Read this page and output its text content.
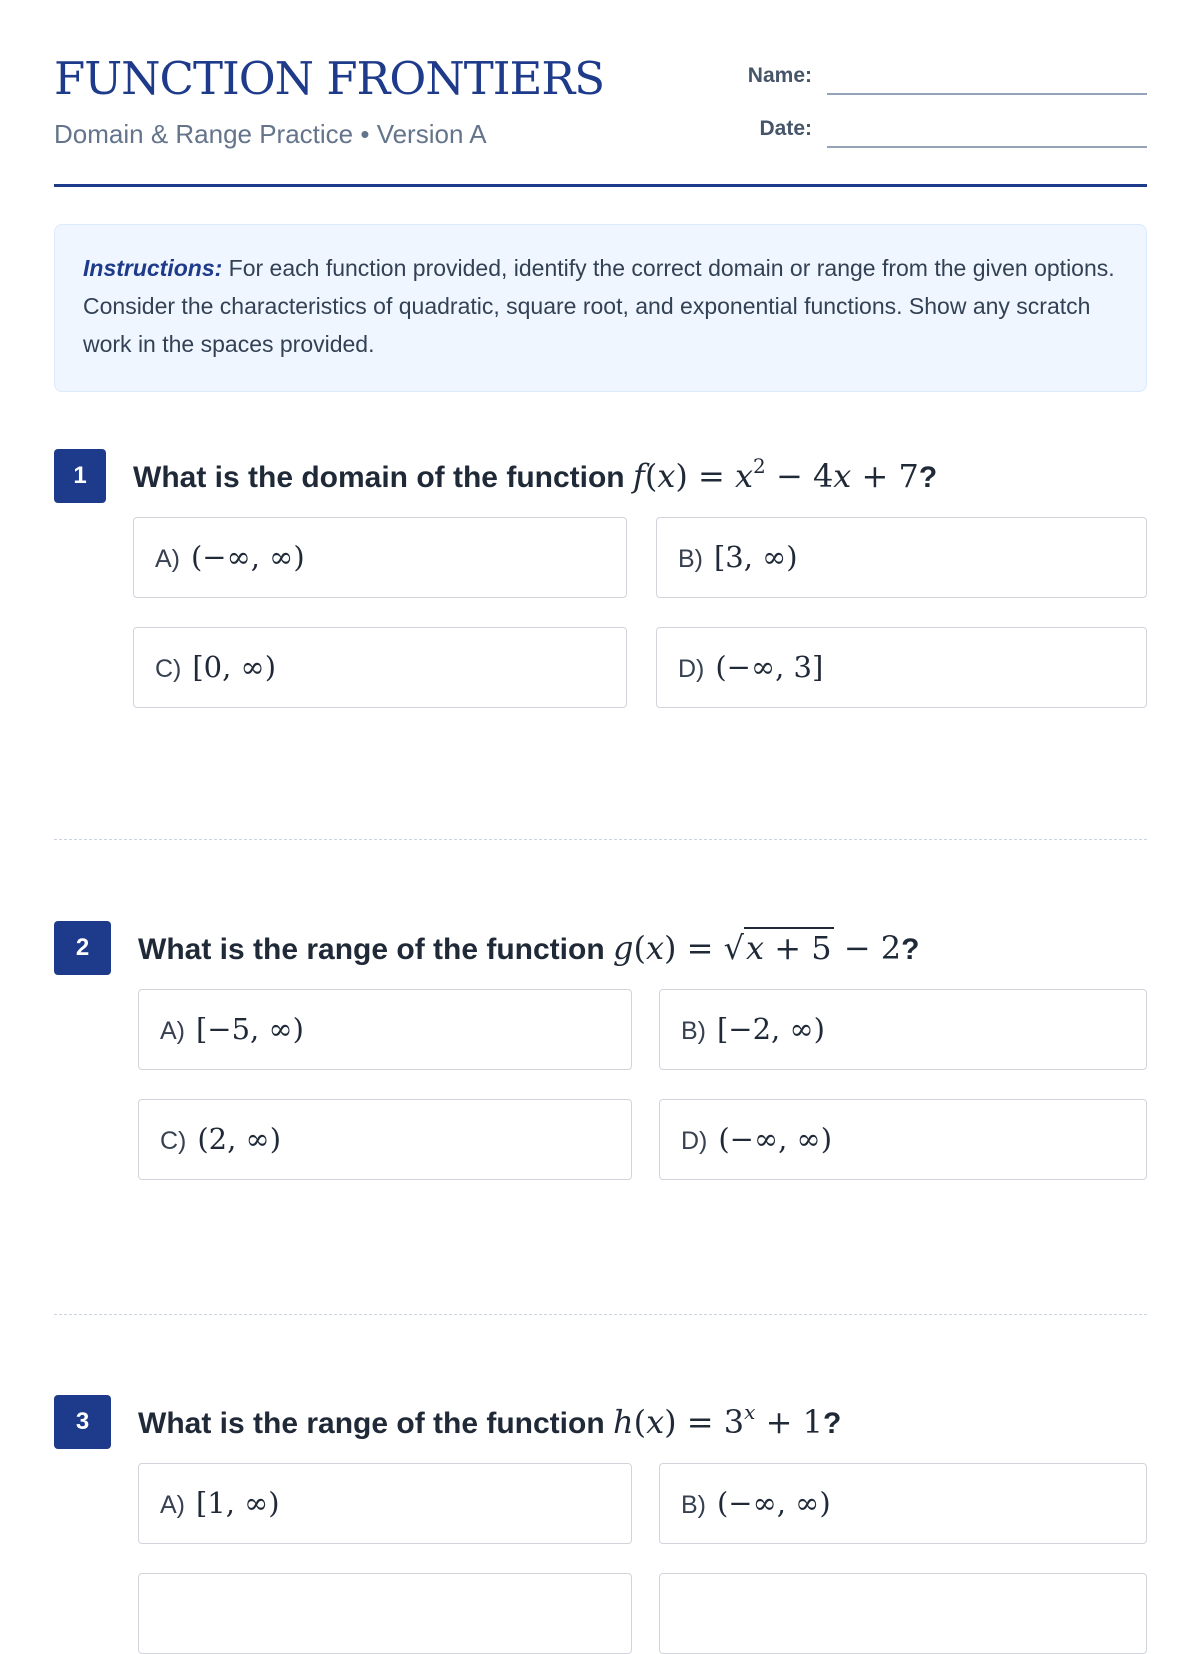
FUNCTION FRONTIERS
Domain & Range Practice • Version A
Name:
Date:
Instructions: For each function provided, identify the correct domain or range from the given options. Consider the characteristics of quadratic, square root, and exponential functions. Show any scratch work in the spaces provided.
1	What is the domain of the function $f(x) = x^2 - 4x + 7$?
A) (−∞, ∞)	B) [3, ∞)
C) [0, ∞)	D) (−∞, 3]
2	What is the range of the function g(x) = √x + 5 − 2?
A) [−5, ∞)	B) [−2, ∞)
C) (2, ∞)	D) (−∞, ∞)
3	What is the range of the function $h(x) = 3^x + 1$?
A) [1, ∞)	B) (−∞, ∞)
